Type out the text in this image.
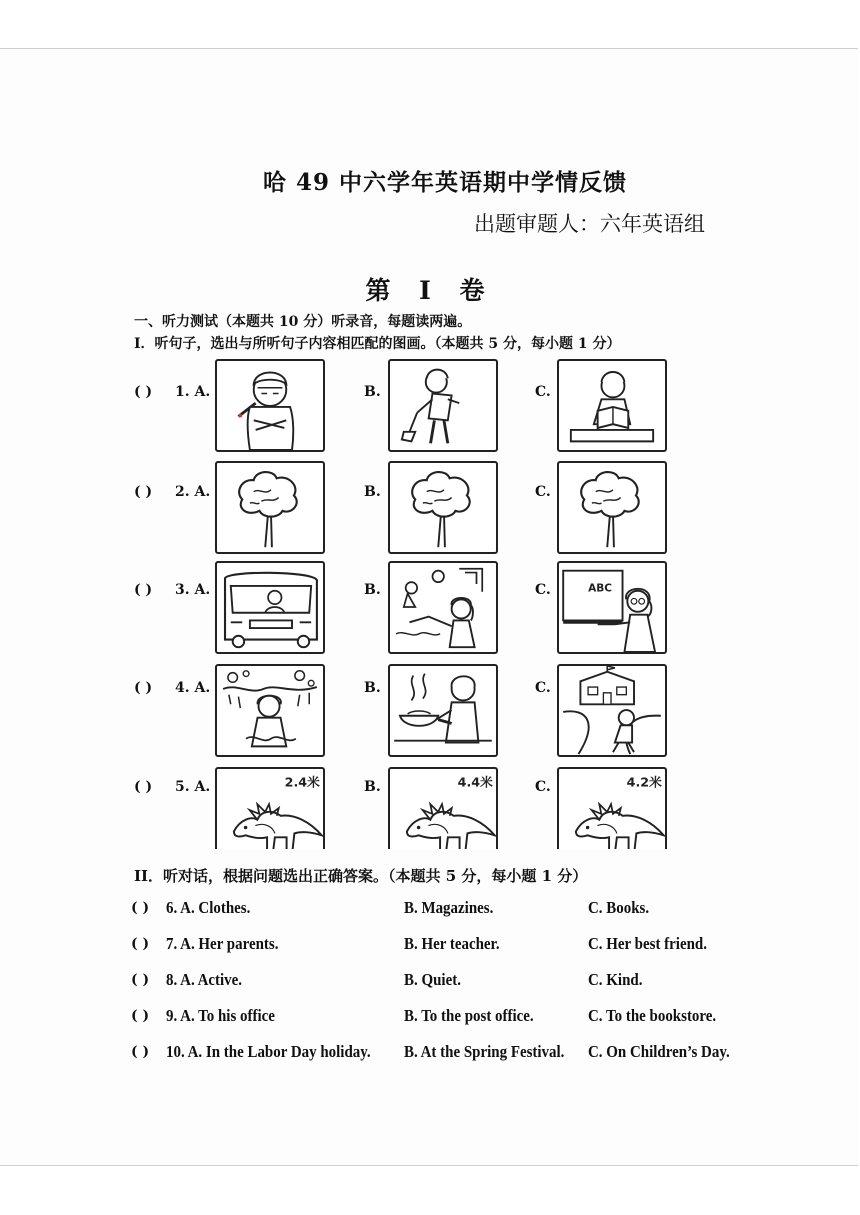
哈 49 中六学年英语期中学情反馈
出题审题人：六年英语组
第 I 卷
一、听力测试（本题共 10 分）听录音，每题读两遍。
I．听句子，选出与所听句子内容相匹配的图画。（本题共 5 分，每小题 1 分）
( ) 1. A.	B.	C.
( ) 2. A.	B.	C.
( ) 3. A.	B.	C.	ABC
( ) 4. A.	B.	C.
( ) 5. A.	2.4米	B.	4.4米	C.	4.2米
II．听对话，根据问题选出正确答案。（本题共 5 分，每小题 1 分）
( ) 6. A. Clothes.	B. Magazines.	C. Books.
( ) 7. A. Her parents.	B. Her teacher.	C. Her best friend.
( ) 8. A. Active.	B. Quiet.	C. Kind.
( ) 9. A. To his office	B. To the post office.	C. To the bookstore.
( ) 10. A. In the Labor Day holiday. B. At the Spring Festival. C. On Children’s Day.
